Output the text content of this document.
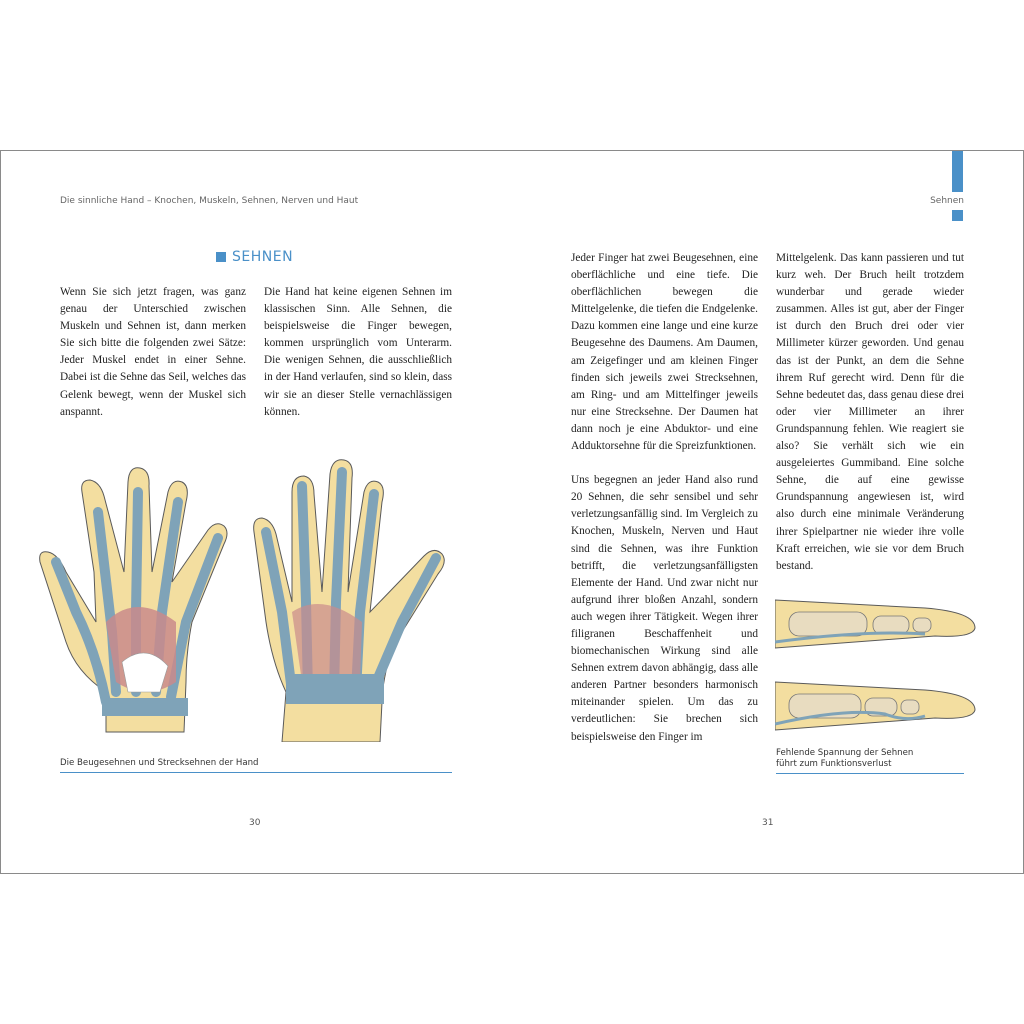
Die sinnliche Hand – Knochen, Muskeln, Sehnen, Nerven und Haut	Sehnen
SEHNEN

Wenn Sie sich jetzt fragen, was ganz genau der Unterschied zwischen Muskeln und Sehnen ist, dann merken Sie sich bitte die folgenden zwei Sätze: Jeder Muskel endet in einer Sehne. Dabei ist die Sehne das Seil, welches das Gelenk bewegt, wenn der Muskel sich anspannt.

Die Hand hat keine eigenen Sehnen im klassischen Sinn. Alle Sehnen, die beispielsweise die Finger bewegen, kommen ursprünglich vom Unterarm. Die wenigen Sehnen, die ausschließlich in der Hand verlaufen, sind so klein, dass wir sie an dieser Stelle vernachlässigen können.

Jeder Finger hat zwei Beugesehnen, eine oberflächliche und eine tiefe. Die oberflächlichen bewegen die Mittelgelenke, die tiefen die Endgelenke. Dazu kommen eine lange und eine kurze Beugesehne des Daumens. Am Daumen, am Zeigefinger und am kleinen Finger finden sich jeweils zwei Strecksehnen, am Ring- und am Mittelfinger jeweils nur eine Strecksehne. Der Daumen hat dann noch je eine Abduktor- und eine Adduktorsehne für die Spreizfunktionen.

Uns begegnen an jeder Hand also rund 20 Sehnen, die sehr sensibel und sehr verletzungsanfällig sind. Im Vergleich zu Knochen, Muskeln, Nerven und Haut sind die Sehnen, was ihre Funktion betrifft, die verletzungsanfälligsten Elemente der Hand. Und zwar nicht nur aufgrund ihrer bloßen Anzahl, sondern auch wegen ihrer Tätigkeit. Wegen ihrer filigranen Beschaffenheit und biomechanischen Wirkung sind alle Sehnen extrem davon abhängig, dass alle anderen Partner besonders harmonisch miteinander spielen. Um das zu verdeutlichen: Sie brechen sich beispielsweise den Finger im

Mittelgelenk. Das kann passieren und tut kurz weh. Der Bruch heilt trotzdem wunderbar und gerade wieder zusammen. Alles ist gut, aber der Finger ist durch den Bruch drei oder vier Millimeter kürzer geworden. Und genau das ist der Punkt, an dem die Sehne ihrem Ruf gerecht wird. Denn für die Sehne bedeutet das, dass genau diese drei oder vier Millimeter an ihrer Grundspannung fehlen. Wie reagiert sie also? Sie verhält sich wie ein ausgeleiertes Gummiband. Eine solche Sehne, die auf eine gewisse Grundspannung angewiesen ist, wird also durch eine minimale Veränderung ihrer Spielpartner nie wieder ihre volle Kraft erreichen, wie sie vor dem Bruch bestand.

Die Beugesehnen und Strecksehnen der Hand
Fehlende Spannung der Sehnen
führt zum Funktionsverlust
30	31
